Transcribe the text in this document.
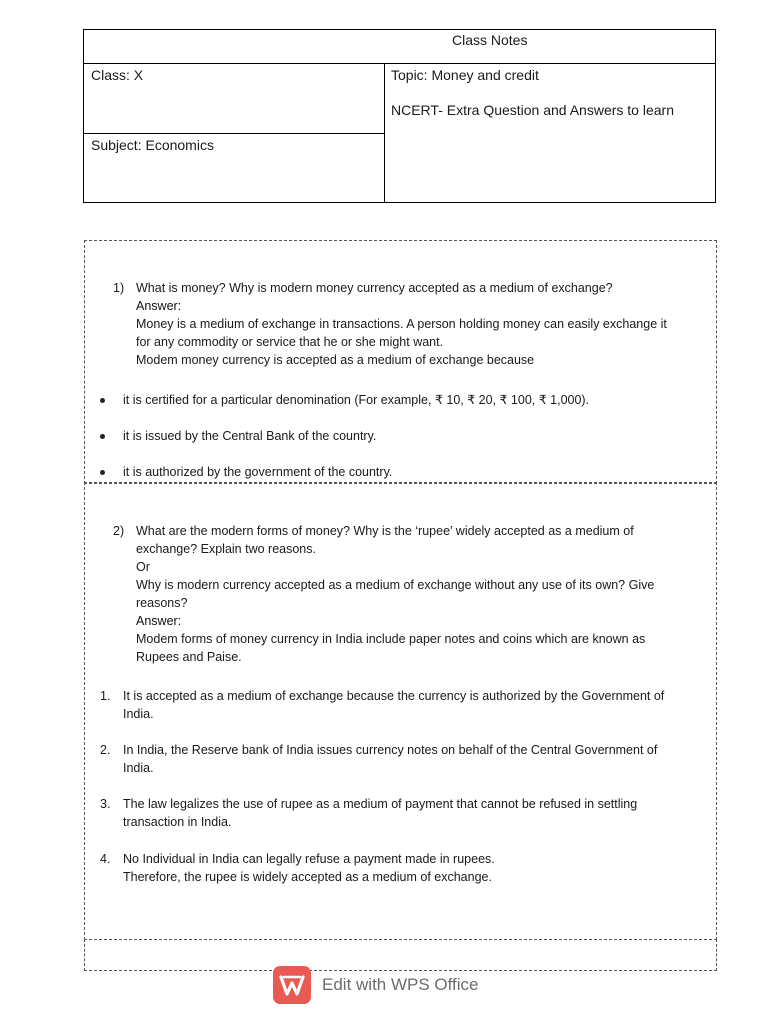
Class Notes
Class: X	Topic: Money and credit
NCERT- Extra Question and Answers to learn
Subject: Economics
1) What is money? Why is modern money currency accepted as a medium of exchange?
Answer:
Money is a medium of exchange in transactions. A person holding money can easily exchange it
for any commodity or service that he or she might want.
Modem money currency is accepted as a medium of exchange because
it is certified for a particular denomination (For example, ₹ 10, ₹ 20, ₹ 100, ₹ 1,000).
it is issued by the Central Bank of the country.
it is authorized by the government of the country.
2) What are the modern forms of money? Why is the ‘rupee’ widely accepted as a medium of
exchange? Explain two reasons.
Or
Why is modern currency accepted as a medium of exchange without any use of its own? Give
reasons?
Answer:
Modem forms of money currency in India include paper notes and coins which are known as
Rupees and Paise.
1. It is accepted as a medium of exchange because the currency is authorized by the Government of
India.
2. In India, the Reserve bank of India issues currency notes on behalf of the Central Government of
India.
3. The law legalizes the use of rupee as a medium of payment that cannot be refused in settling
transaction in India.
4. No Individual in India can legally refuse a payment made in rupees.
Therefore, the rupee is widely accepted as a medium of exchange.
Edit with WPS Office
